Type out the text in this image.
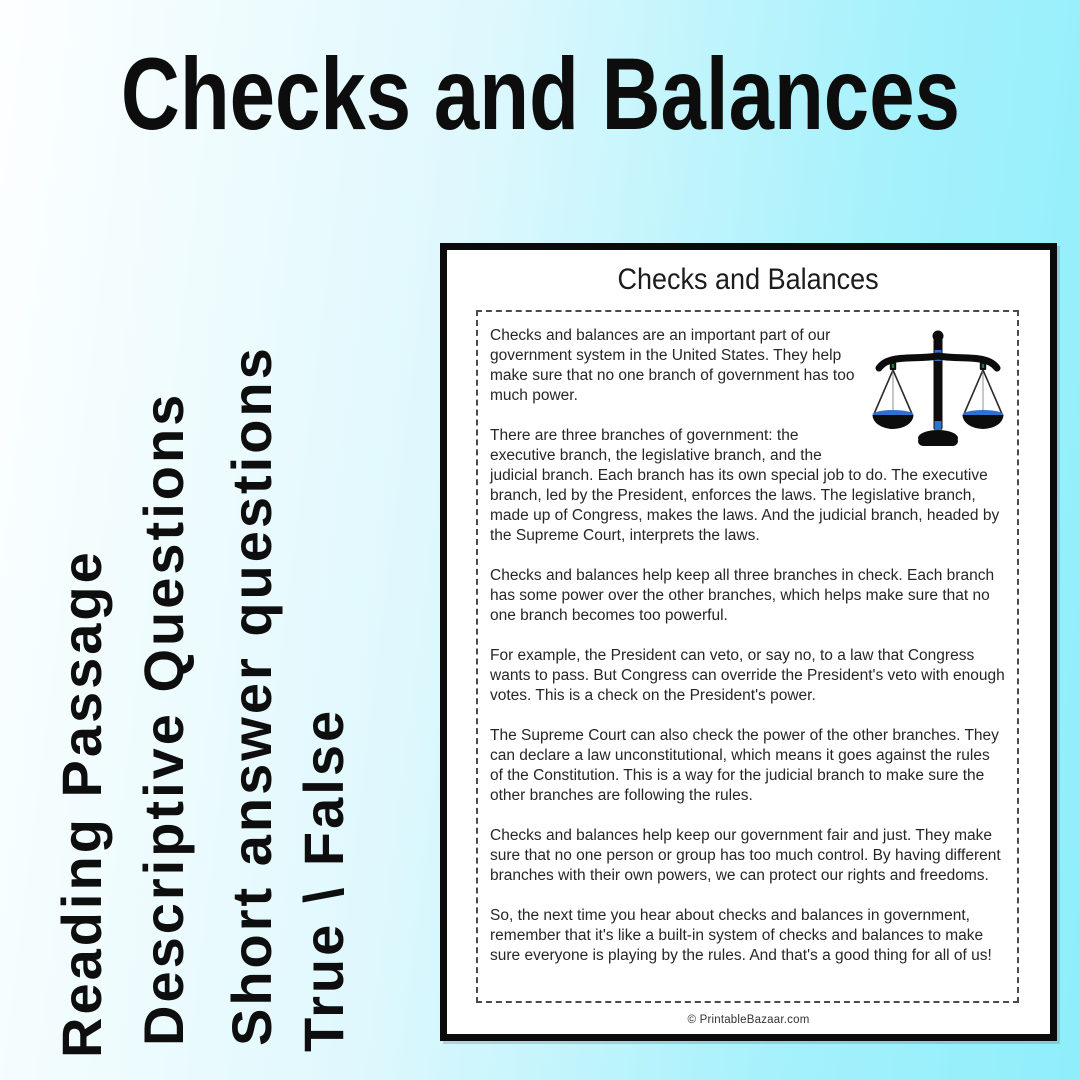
Checks and Balances
Reading Passage Descriptive Questions Short answer questions True \ False
Checks and Balances

Checks and balances are an important part of our government system in the United States. They help make sure that no one branch of government has too much power.

There are three branches of government: the executive branch, the legislative branch, and the judicial branch. Each branch has its own special job to do. The executive branch, led by the President, enforces the laws. The legislative branch, made up of Congress, makes the laws. And the judicial branch, headed by the Supreme Court, interprets the laws.

Checks and balances help keep all three branches in check. Each branch has some power over the other branches, which helps make sure that no one branch becomes too powerful.

For example, the President can veto, or say no, to a law that Congress wants to pass. But Congress can override the President's veto with enough votes. This is a check on the President's power.

The Supreme Court can also check the power of the other branches. They can declare a law unconstitutional, which means it goes against the rules of the Constitution. This is a way for the judicial branch to make sure the other branches are following the rules.

Checks and balances help keep our government fair and just. They make sure that no one person or group has too much control. By having different branches with their own powers, we can protect our rights and freedoms.

So, the next time you hear about checks and balances in government, remember that it's like a built-in system of checks and balances to make sure everyone is playing by the rules. And that's a good thing for all of us!

© PrintableBazaar.com
